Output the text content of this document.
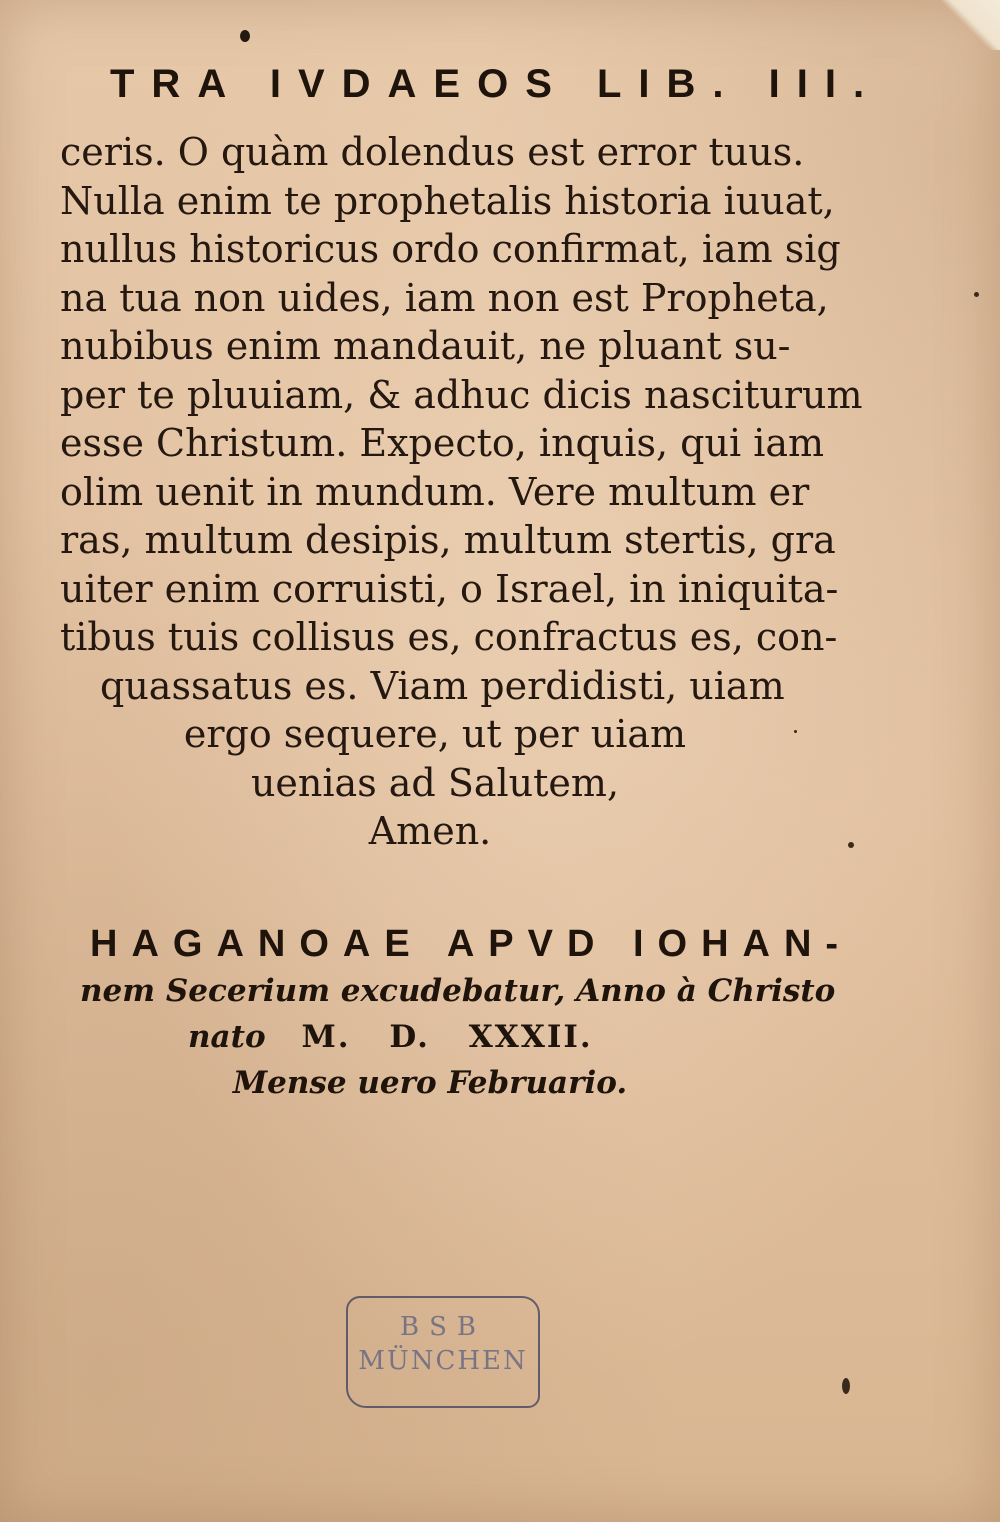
TRA IVDAEOS LIB. III.
ceris. O quàm dolendus est error tuus.
Nulla enim te prophetalis historia iuuat,
nullus historicus ordo confirmat, iam sig
na tua non uides, iam non est Propheta,
nubibus enim mandauit, ne pluant su-
per te pluuiam, & adhuc dicis nasciturum
esse Christum. Expecto, inquis, qui iam
olim uenit in mundum. Vere multum er
ras, multum desipis, multum stertis, gra
uiter enim corruisti, o Israel, in iniquita-
tibus tuis collisus es, confractus es, con-
quassatus es. Viam perdidisti, uiam
ergo sequere, ut per uiam
uenias ad Salutem,
Amen.
HAGANOAE APVD IOHAN-
nem Secerium excudebatur, Anno à Christo
nato M. D. XXXII.
Mense uero Februario.
BSB
MÜNCHEN
